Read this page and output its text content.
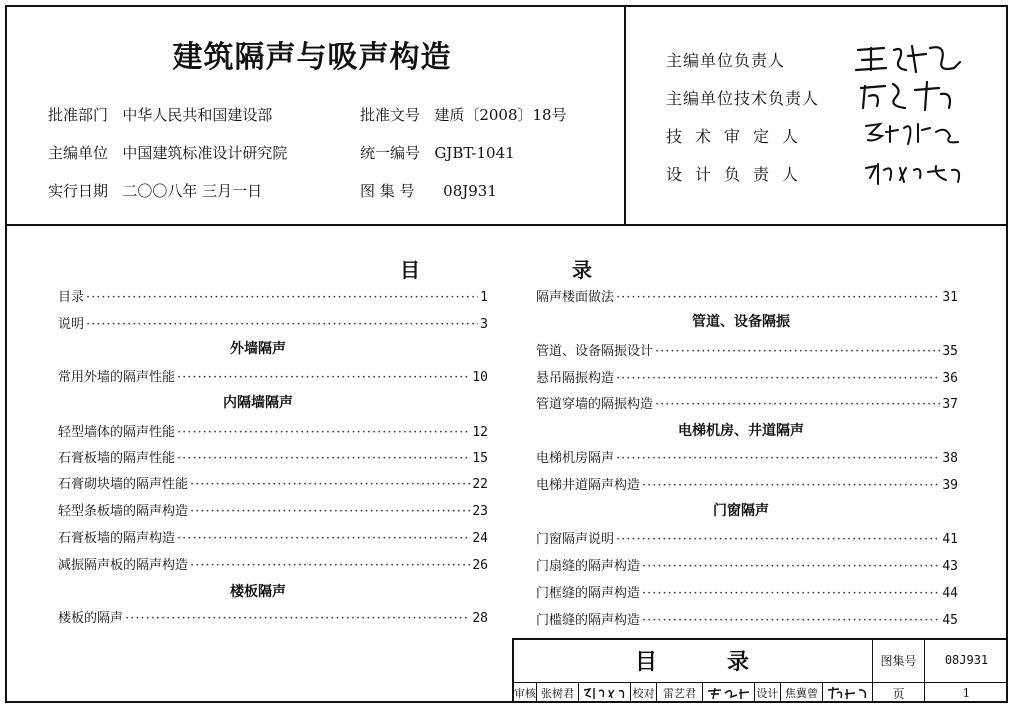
建筑隔声与吸声构造
批准部门 中华人民共和国建设部	批准文号 建质〔2008〕18号
主编单位 中国建筑标准设计研究院	统一编号 GJBT-1041
实行日期 二〇〇八年 三月一日	图 集 号 08J931
主编单位负责人
主编单位技术负责人
技术审定人
设计负责人
目	录
目录 ·····	1
说明 ·····	3
外墙隔声
常用外墙的隔声性能 ·····	10
内隔墙隔声
轻型墙体的隔声性能 ·····	12
石膏板墙的隔声性能 ·····	15
石膏砌块墙的隔声性能 ·····	22
轻型条板墙的隔声构造 ·····	23
石膏板墙的隔声构造 ·····	24
减振隔声板的隔声构造 ·····	26
楼板隔声
楼板的隔声 ·····	28
隔声楼面做法 ·····	31
管道、设备隔振
管道、设备隔振设计 ·····	35
悬吊隔振构造 ·····	36
管道穿墙的隔振构造 ·····	37
电梯机房、井道隔声
电梯机房隔声 ·····	38
电梯井道隔声构造 ·····	39
门窗隔声
门窗隔声说明 ·····	41
门扇缝的隔声构造 ·····	43
门框缝的隔声构造 ·····	44
门槛缝的隔声构造 ·····	45
目	录	图集号	08J931
页	1
审核 张树君	校对 雷艺君	设计 焦冀曾
